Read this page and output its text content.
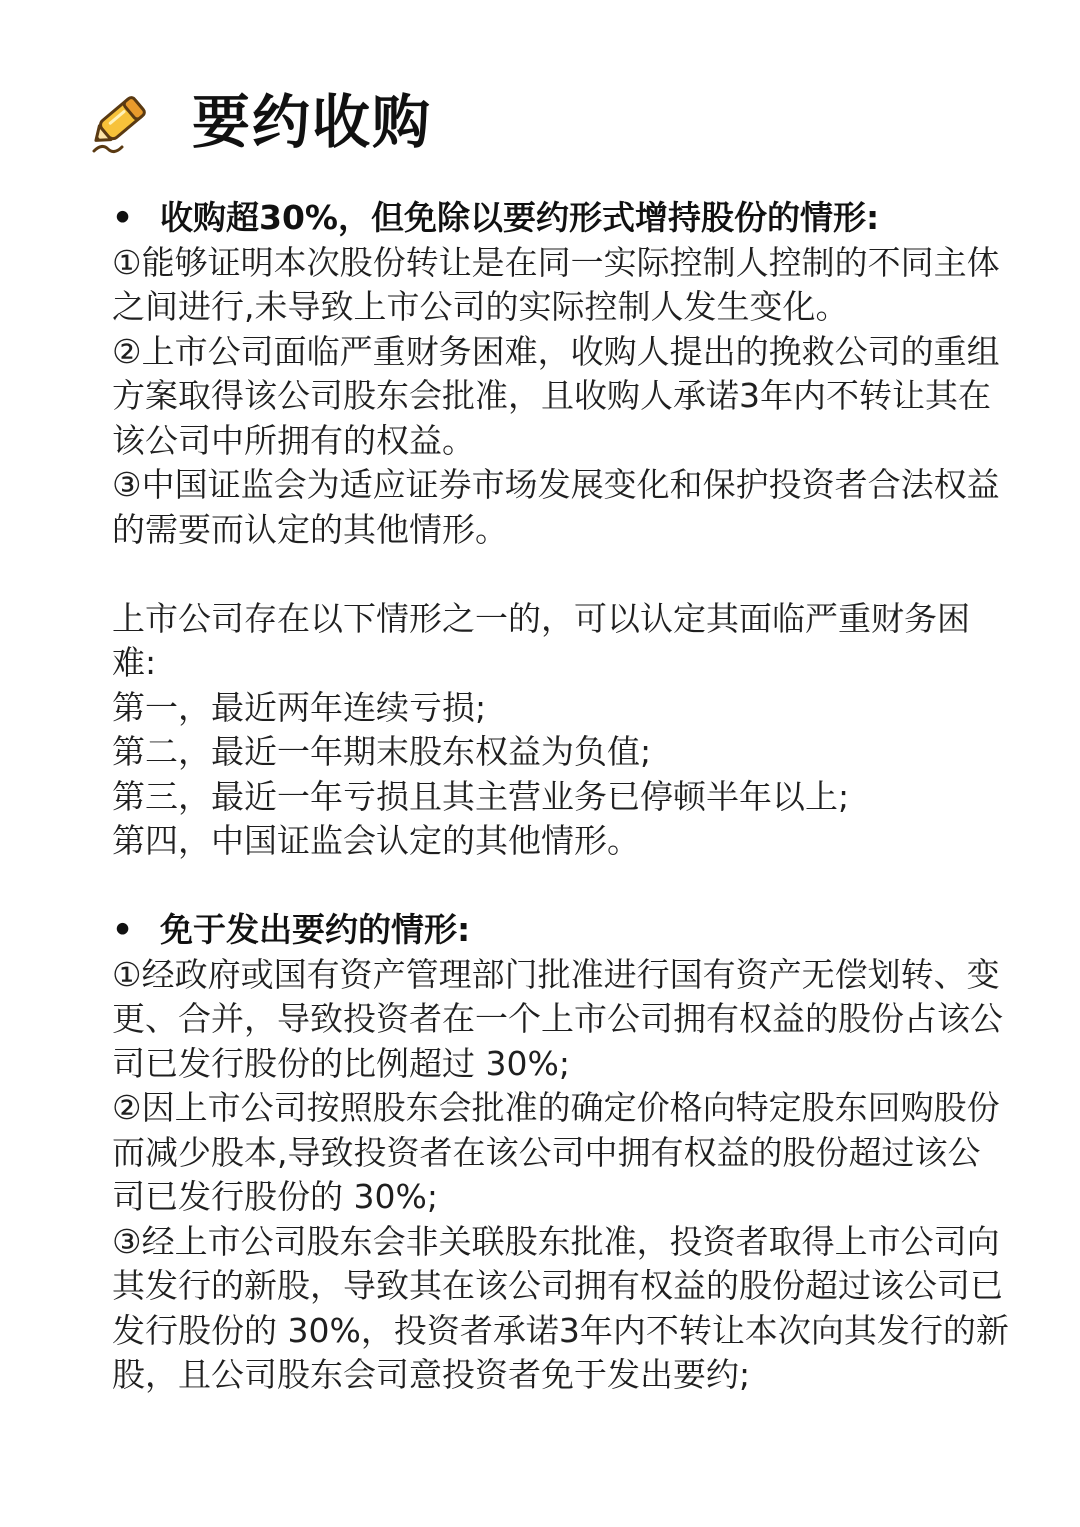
要约收购
• 收购超30%，但免除以要约形式增持股份的情形:
①能够证明本次股份转让是在同一实际控制人控制的不同主体之间进行,未导致上市公司的实际控制人发生变化。
②上市公司面临严重财务困难，收购人提出的挽救公司的重组方案取得该公司股东会批准，且收购人承诺3年内不转让其在该公司中所拥有的权益。
③中国证监会为适应证券市场发展变化和保护投资者合法权益的需要而认定的其他情形。
上市公司存在以下情形之一的，可以认定其面临严重财务困难:
第一，最近两年连续亏损;
第二，最近一年期末股东权益为负值;
第三，最近一年亏损且其主营业务已停顿半年以上;
第四，中国证监会认定的其他情形。
• 免于发出要约的情形:
①经政府或国有资产管理部门批准进行国有资产无偿划转、变更、合并，导致投资者在一个上市公司拥有权益的股份占该公司已发行股份的比例超过 30%;
②因上市公司按照股东会批准的确定价格向特定股东回购股份而减少股本,导致投资者在该公司中拥有权益的股份超过该公司已发行股份的 30%;
③经上市公司股东会非关联股东批准，投资者取得上市公司向其发行的新股，导致其在该公司拥有权益的股份超过该公司已发行股份的 30%，投资者承诺3年内不转让本次向其发行的新股，且公司股东会司意投资者免于发出要约;
